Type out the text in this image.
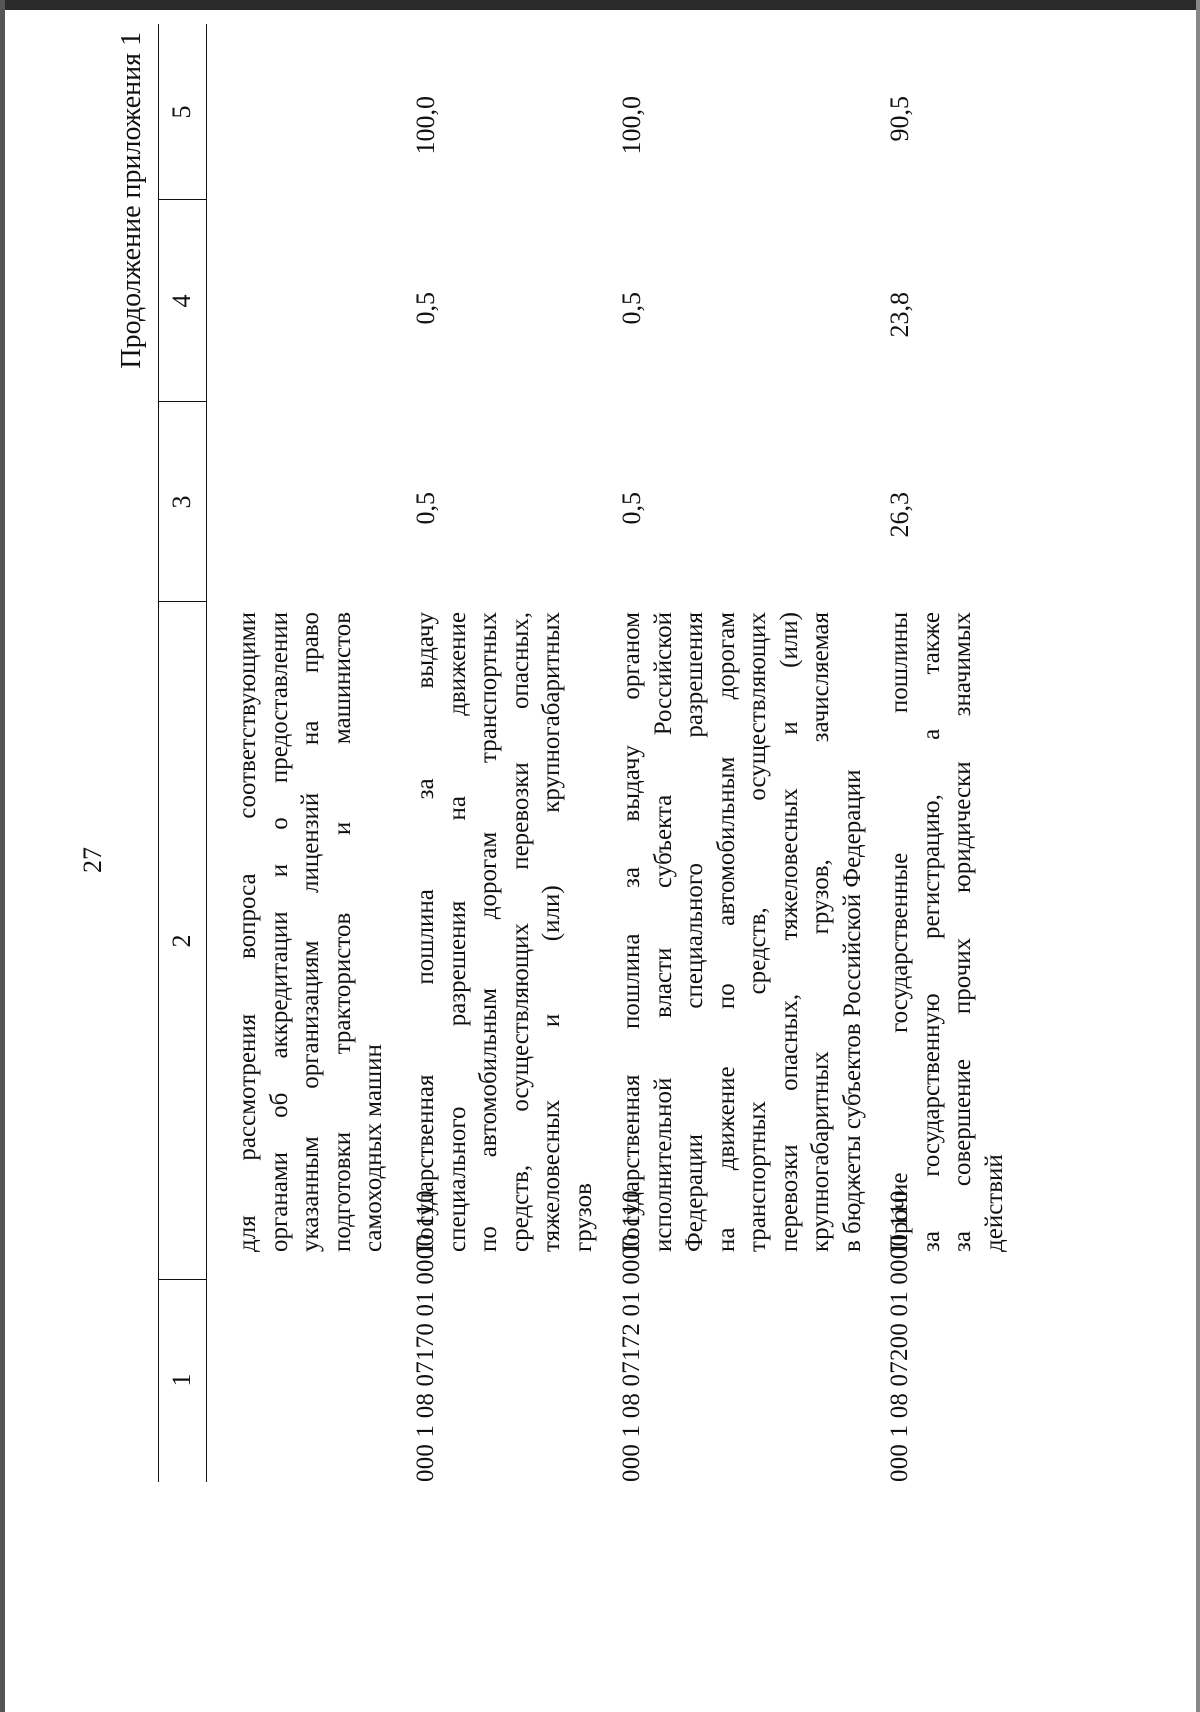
27
Продолжение приложения 1
1
2
3
4
5
для рассмотрения вопроса соответствующими органами об аккредитации и о предоставлении указанным организациям лицензий на право подготовки трактористов и машинистов самоходных машин
000 1 08 07170 01 0000 110
Государственная пошлина за выдачу специального разрешения на движение по автомобильным дорогам транспортных средств, осуществляющих перевозки опасных, тяжеловесных и (или) крупногабаритных грузов
0,5
0,5
100,0
000 1 08 07172 01 0000 110
Государственная пошлина за выдачу органом исполнительной власти субъекта Российской Федерации специального разрешения на движение по автомобильным дорогам транспортных средств, осуществляющих перевозки опасных, тяжеловесных и (или) крупногабаритных грузов, зачисляемая в бюджеты субъектов Российской Федерации
0,5
0,5
100,0
000 1 08 07200 01 0000 110
Прочие государственные пошлины за государственную регистрацию, а также за совершение прочих юридически значимых действий
26,3
23,8
90,5
